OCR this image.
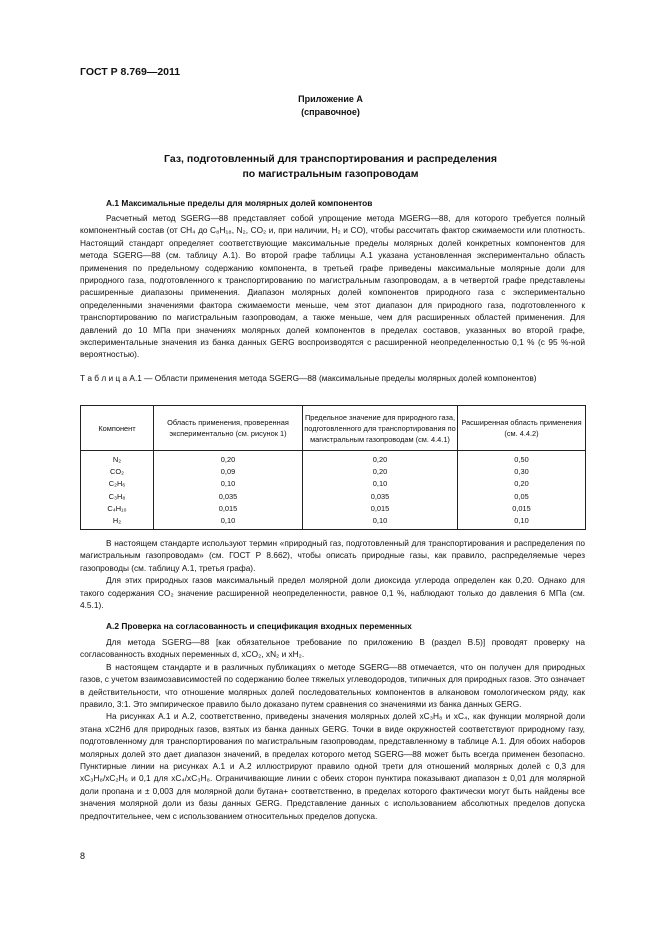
ГОСТ Р 8.769—2011
Приложение А
(справочное)
Газ, подготовленный для транспортирования и распределения
по магистральным газопроводам
А.1 Максимальные пределы для молярных долей компонентов

Расчетный метод SGERG—88 представляет собой упрощение метода MGERG—88, для которого требуется полный компонентный состав (от CH₄ до C₈H₁₈, N₂, CO₂ и, при наличии, H₂ и CO), чтобы рассчитать фактор сжимаемости или плотность. Настоящий стандарт определяет соответствующие максимальные пределы молярных долей конкретных компонентов для метода SGERG—88 (см. таблицу А.1). Во второй графе таблицы А.1 указана установленная экспериментально область применения по предельному содержанию компонента, в третьей графе приведены максимальные молярные доли для природного газа, подготовленного к транспортированию по магистральным газопроводам, а в четвертой графе представлены расширенные диапазоны применения. Диапазон молярных долей компонентов природного газа с экспериментально определенными значениями фактора сжимаемости меньше, чем этот диапазон для природного газа, подготовленного к транспортированию по магистральным газопроводам, а также меньше, чем для расширенных областей применения. Для давлений до 10 МПа при значениях молярных долей компонентов в пределах составов, указанных во второй графе, экспериментальные значения из банка данных GERG воспроизводятся с расширенной неопределенностью 0,1 % (с 95 %-ной вероятностью).

Т а б л и ц а А.1 — Области применения метода SGERG—88 (максимальные пределы молярных долей компонентов)
Компонент	Область применения, проверенная экспериментально (см. рисунок 1)	Предельное значение для природного газа, подготовленного для транспортирования по магистральным газопроводам (см. 4.4.1)	Расширенная область применения (см. 4.4.2)
N₂	0,20	0,20	0,50
CO₂	0,09	0,20	0,30
C₂H₆	0,10	0,10	0,20
C₃H₈	0,035	0,035	0,05
C₄H₁₀	0,015	0,015	0,015
H₂	0,10	0,10	0,10

В настоящем стандарте используют термин «природный газ, подготовленный для транспортирования и распределения по магистральным газопроводам» (см. ГОСТ Р 8.662), чтобы описать природные газы, как правило, распределяемые через газопроводы (см. таблицу А.1, третья графа).

Для этих природных газов максимальный предел молярной доли диоксида углерода определен как 0,20. Однако для такого содержания CO₂ значение расширенной неопределенности, равное 0,1 %, наблюдают только до давления 6 МПа (см. 4.5.1).

А.2 Проверка на согласованность и спецификация входных переменных

Для метода SGERG—88 [как обязательное требование по приложению В (раздел В.5)] проводят проверку на согласованность входных переменных d, xCO₂, xN₂ и xH₂.

В настоящем стандарте и в различных публикациях о методе SGERG—88 отмечается, что он получен для природных газов, с учетом взаимозависимостей по содержанию более тяжелых углеводородов, типичных для природных газов. Это означает в действительности, что отношение молярных долей последовательных компонентов в алкановом гомологическом ряду, как правило, 3:1. Это эмпирическое правило было доказано путем сравнения со значениями из банка данных GERG.

На рисунках А.1 и А.2, соответственно, приведены значения молярных долей xC₃H₈ и xC₄, как функции молярной доли этана xC2H6 для природных газов, взятых из банка данных GERG. Точки в виде окружностей соответствуют природному газу, подготовленному для транспортирования по магистральным газопроводам, представленному в таблице А.1. Для обоих наборов молярных долей это дает диапазон значений, в пределах которого метод SGERG—88 может быть всегда применен безопасно. Пунктирные линии на рисунках А.1 и А.2 иллюстрируют правило одной трети для отношений молярных долей с 0,3 для xC₃H₈/xC₂H₆ и 0,1 для xC₄/xC₃H₈. Ограничивающие линии с обеих сторон пунктира показывают диапазон ± 0,01 для молярной доли пропана и ± 0,003 для молярной доли бутана+ соответственно, в пределах которого фактически могут быть найдены все значения молярной доли из базы данных GERG. Представление данных с использованием абсолютных пределов допуска предпочтительнее, чем с использованием относительных пределов допуска.

8
